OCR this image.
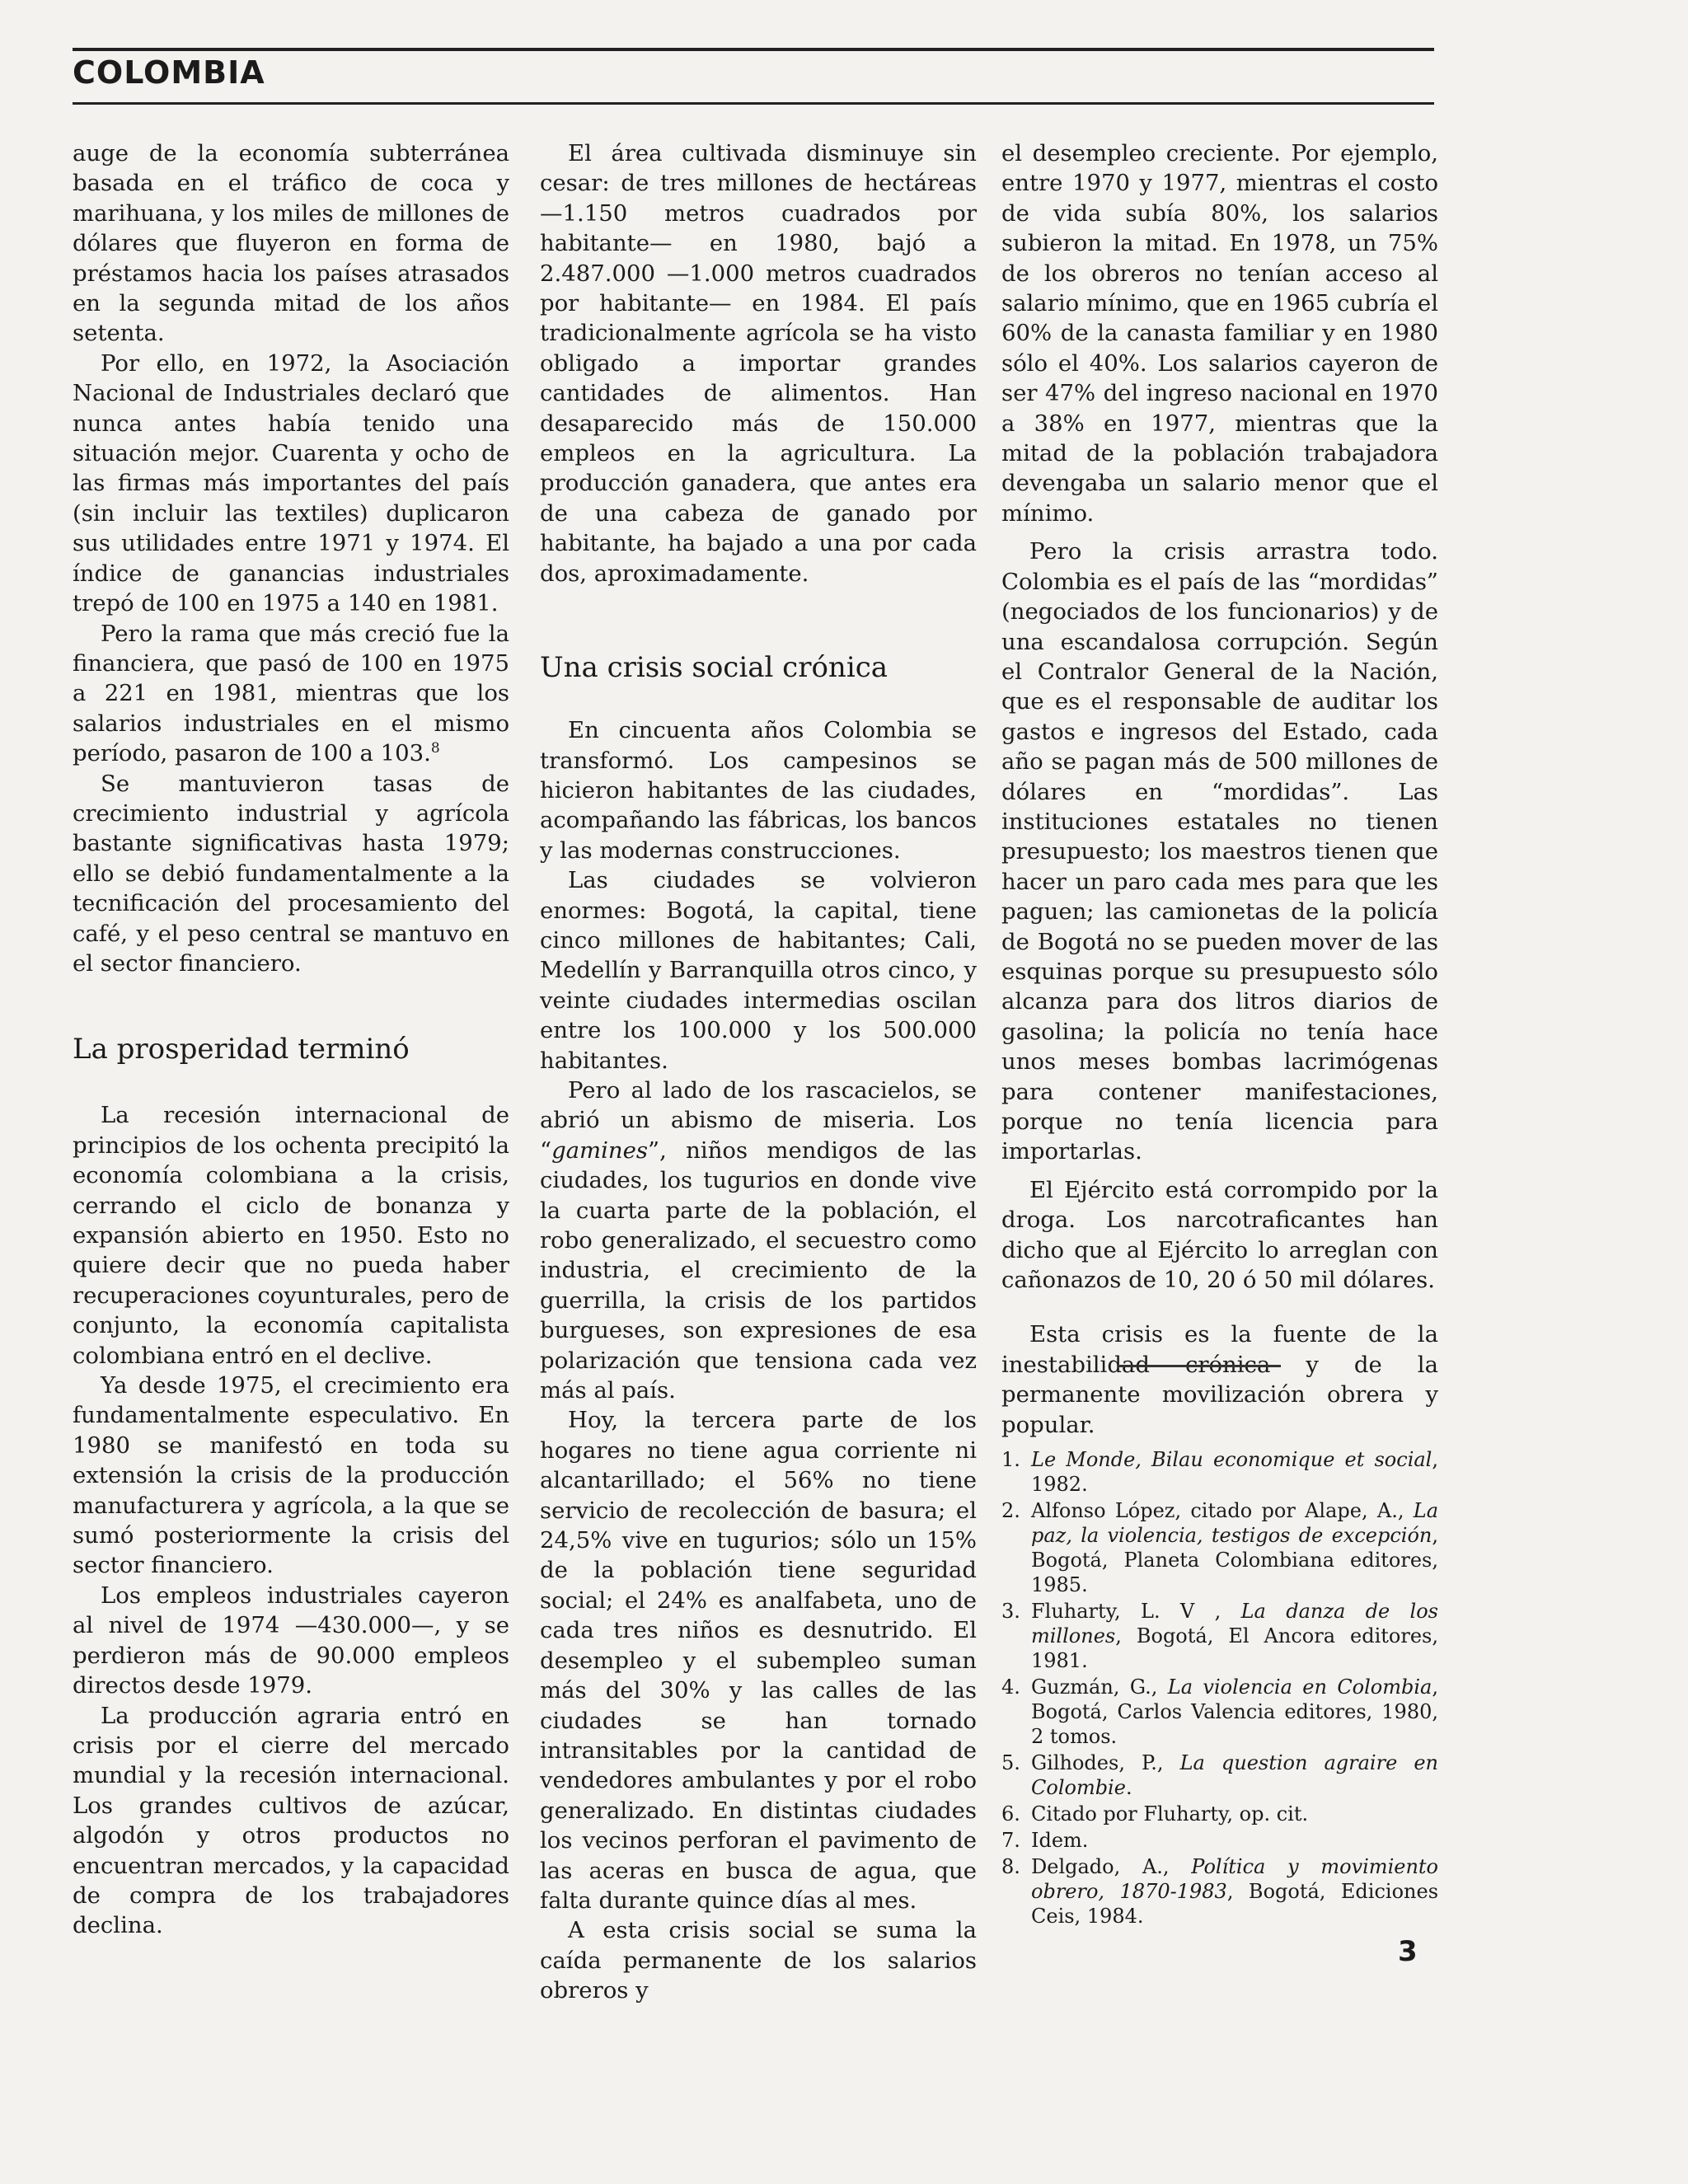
COLOMBIA

auge de la economía subterránea basada en el tráfico de coca y marihuana, y los miles de millones de dólares que fluyeron en forma de préstamos hacia los países atrasados en la segunda mitad de los años setenta.

Por ello, en 1972, la Asociación Nacional de Industriales declaró que nunca antes había tenido una situación mejor. Cuarenta y ocho de las firmas más importantes del país (sin incluir las textiles) duplicaron sus utilidades entre 1971 y 1974. El índice de ganancias industriales trepó de 100 en 1975 a 140 en 1981.

Pero la rama que más creció fue la financiera, que pasó de 100 en 1975 a 221 en 1981, mientras que los salarios industriales en el mismo período, pasaron de 100 a 103.$^8$

Se mantuvieron tasas de crecimiento industrial y agrícola bastante significativas hasta 1979; ello se debió fundamentalmente a la tecnificación del procesamiento del café, y el peso central se mantuvo en el sector financiero.

La prosperidad terminó

La recesión internacional de principios de los ochenta precipitó la economía colombiana a la crisis, cerrando el ciclo de bonanza y expansión abierto en 1950. Esto no quiere decir que no pueda haber recuperaciones coyunturales, pero de conjunto, la economía capitalista colombiana entró en el declive.

Ya desde 1975, el crecimiento era fundamentalmente especulativo. En 1980 se manifestó en toda su extensión la crisis de la producción manufacturera y agrícola, a la que se sumó posteriormente la crisis del sector financiero.

Los empleos industriales cayeron al nivel de 1974 —430.000—, y se perdieron más de 90.000 empleos directos desde 1979.

La producción agraria entró en crisis por el cierre del mercado mundial y la recesión internacional. Los grandes cultivos de azúcar, algodón y otros productos no encuentran mercados, y la capacidad de compra de los trabajadores declina.

El área cultivada disminuye sin cesar: de tres millones de hectáreas —1.150 metros cuadrados por habitante— en 1980, bajó a 2.487.000 —1.000 metros cuadrados por habitante— en 1984. El país tradicionalmente agrícola se ha visto obligado a importar grandes cantidades de alimentos. Han desaparecido más de 150.000 empleos en la agricultura. La producción ganadera, que antes era de una cabeza de ganado por habitante, ha bajado a una por cada dos, aproximadamente.

Una crisis social crónica

En cincuenta años Colombia se transformó. Los campesinos se hicieron habitantes de las ciudades, acompañando las fábricas, los bancos y las modernas construcciones.

Las ciudades se volvieron enormes: Bogotá, la capital, tiene cinco millones de habitantes; Cali, Medellín y Barranquilla otros cinco, y veinte ciudades intermedias oscilan entre los 100.000 y los 500.000 habitantes.

Pero al lado de los rascacielos, se abrió un abismo de miseria. Los “gamines”, niños mendigos de las ciudades, los tugurios en donde vive la cuarta parte de la población, el robo generalizado, el secuestro como industria, el crecimiento de la guerrilla, la crisis de los partidos burgueses, son expresiones de esa polarización que tensiona cada vez más al país.

Hoy, la tercera parte de los hogares no tiene agua corriente ni alcantarillado; el 56% no tiene servicio de recolección de basura; el 24,5% vive en tugurios; sólo un 15% de la población tiene seguridad social; el 24% es analfabeta, uno de cada tres niños es desnutrido. El desempleo y el subempleo suman más del 30% y las calles de las ciudades se han tornado intransitables por la cantidad de vendedores ambulantes y por el robo generalizado. En distintas ciudades los vecinos perforan el pavimento de las aceras en busca de agua, que falta durante quince días al mes.

A esta crisis social se suma la caída permanente de los salarios obreros y

el desempleo creciente. Por ejemplo, entre 1970 y 1977, mientras el costo de vida subía 80%, los salarios subieron la mitad. En 1978, un 75% de los obreros no tenían acceso al salario mínimo, que en 1965 cubría el 60% de la canasta familiar y en 1980 sólo el 40%. Los salarios cayeron de ser 47% del ingreso nacional en 1970 a 38% en 1977, mientras que la mitad de la población trabajadora devengaba un salario menor que el mínimo.

Pero la crisis arrastra todo. Colombia es el país de las “mordidas” (negociados de los funcionarios) y de una escandalosa corrupción. Según el Contralor General de la Nación, que es el responsable de auditar los gastos e ingresos del Estado, cada año se pagan más de 500 millones de dólares en “mordidas”. Las instituciones estatales no tienen presupuesto; los maestros tienen que hacer un paro cada mes para que les paguen; las camionetas de la policía de Bogotá no se pueden mover de las esquinas porque su presupuesto sólo alcanza para dos litros diarios de gasolina; la policía no tenía hace unos meses bombas lacrimógenas para contener manifestaciones, porque no tenía licencia para importarlas.

El Ejército está corrompido por la droga. Los narcotraficantes han dicho que al Ejército lo arreglan con cañonazos de 10, 20 ó 50 mil dólares.

Esta crisis es la fuente de la inestabilidad crónica y de la permanente movilización obrera y popular.

1. Le Monde, Bilau economique et social, 1982.
2. Alfonso López, citado por Alape, A., La paz, la violencia, testigos de excepción, Bogotá, Planeta Colombiana editores, 1985.
3. Fluharty, L. V , La danza de los millones, Bogotá, El Ancora editores, 1981.
4. Guzmán, G., La violencia en Colombia, Bogotá, Carlos Valencia editores, 1980, 2 tomos.
5. Gilhodes, P., La question agraire en Colombie.
6. Citado por Fluharty, op. cit.
7. Idem.
8. Delgado, A., Política y movimiento obrero, 1870-1983, Bogotá, Ediciones Ceis, 1984.
3
